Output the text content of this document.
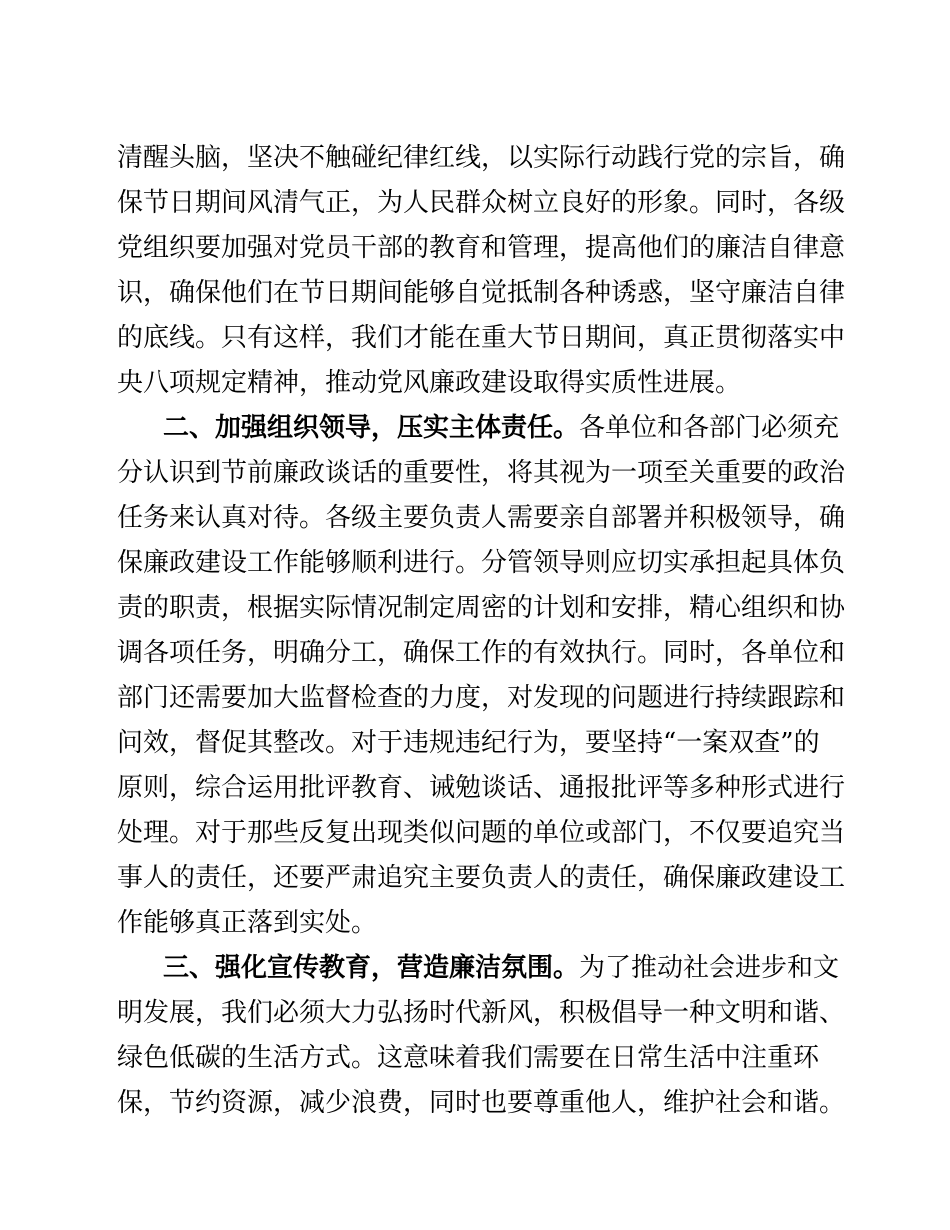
清醒头脑，坚决不触碰纪律红线，以实际行动践行党的宗旨，确
保节日期间风清气正，为人民群众树立良好的形象。同时，各级
党组织要加强对党员干部的教育和管理，提高他们的廉洁自律意
识，确保他们在节日期间能够自觉抵制各种诱惑，坚守廉洁自律
的底线。只有这样，我们才能在重大节日期间，真正贯彻落实中
央八项规定精神，推动党风廉政建设取得实质性进展。
二、加强组织领导，压实主体责任。各单位和各部门必须充
分认识到节前廉政谈话的重要性，将其视为一项至关重要的政治
任务来认真对待。各级主要负责人需要亲自部署并积极领导，确
保廉政建设工作能够顺利进行。分管领导则应切实承担起具体负
责的职责，根据实际情况制定周密的计划和安排，精心组织和协
调各项任务，明确分工，确保工作的有效执行。同时，各单位和
部门还需要加大监督检查的力度，对发现的问题进行持续跟踪和
问效，督促其整改。对于违规违纪行为，要坚持“一案双查”的
原则，综合运用批评教育、诫勉谈话、通报批评等多种形式进行
处理。对于那些反复出现类似问题的单位或部门，不仅要追究当
事人的责任，还要严肃追究主要负责人的责任，确保廉政建设工
作能够真正落到实处。
三、强化宣传教育，营造廉洁氛围。为了推动社会进步和文
明发展，我们必须大力弘扬时代新风，积极倡导一种文明和谐、
绿色低碳的生活方式。这意味着我们需要在日常生活中注重环
保，节约资源，减少浪费，同时也要尊重他人，维护社会和谐。
